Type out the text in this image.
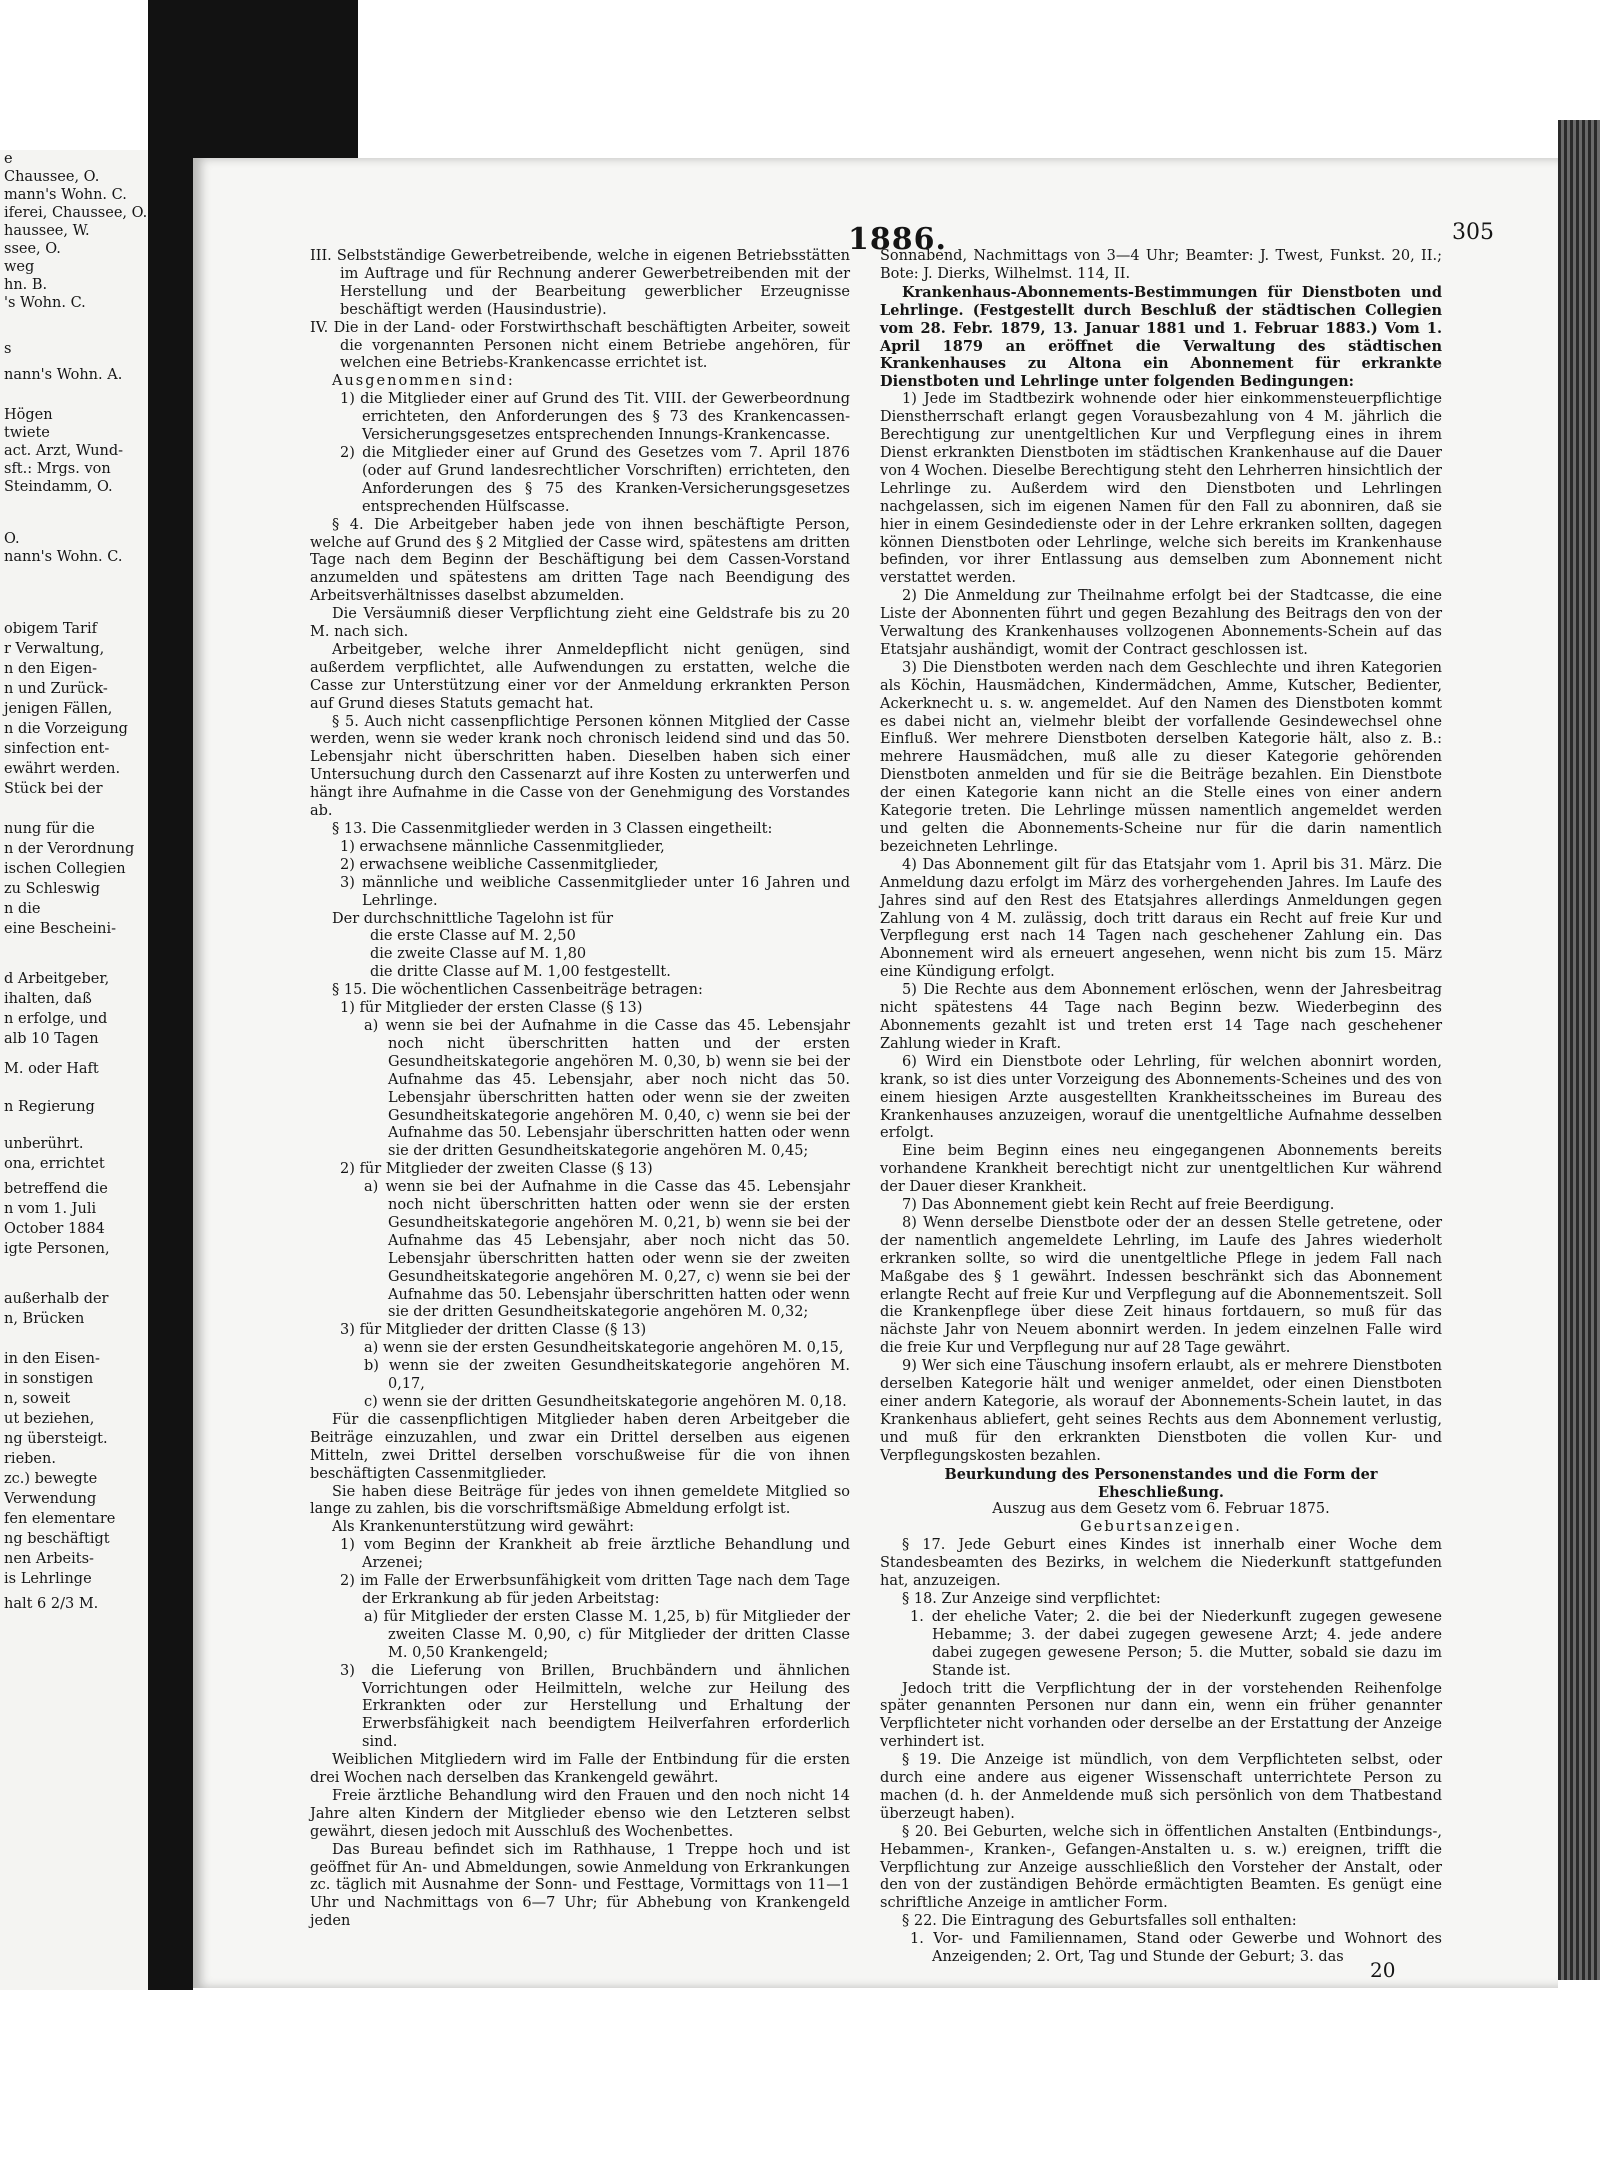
e
Chaussee, O.
mann's Wohn. C.
iferei, Chaussee, O.
haussee, W.
ssee, O.
weg
hn. B.
's Wohn. C.
s
nann's Wohn. A.
Högen
twiete
act. Arzt, Wund-
sft.: Mrgs. von
Steindamm, O.
O.
nann's Wohn. C.
obigem Tarif
r Verwaltung,
n den Eigen-
n und Zurück-
jenigen Fällen,
n die Vorzeigung
sinfection ent-
ewährt werden.
Stück bei der
nung für die
n der Verordnung
ischen Collegien
zu Schleswig
n die
eine Bescheini-
d Arbeitgeber,
ihalten, daß
n erfolge, und
alb 10 Tagen
M. oder Haft
n Regierung
unberührt.
ona, errichtet
betreffend die
n vom 1. Juli
October 1884
igte Personen,
außerhalb der
n, Brücken
in den Eisen-
in sonstigen
n, soweit
ut beziehen,
ng übersteigt.
rieben.
zc.) bewegte
Verwendung
fen elementare
ng beschäftigt
nen Arbeits-
is Lehrlinge
halt 6 2/3 M.
1886.	305

III. Selbstständige Gewerbetreibende, welche in eigenen Betriebsstätten im Auftrage und für Rechnung anderer Gewerbetreibenden mit der Herstellung und der Bearbeitung gewerblicher Erzeugnisse beschäftigt werden (Hausindustrie).

IV. Die in der Land- oder Forstwirthschaft beschäftigten Arbeiter, soweit die vorgenannten Personen nicht einem Betriebe angehören, für welchen eine Betriebs-Krankencasse errichtet ist.

Ausgenommen sind:

1) die Mitglieder einer auf Grund des Tit. VIII. der Gewerbeordnung errichteten, den Anforderungen des § 73 des Krankencassen-Versicherungsgesetzes entsprechenden Innungs-Krankencasse.

2) die Mitglieder einer auf Grund des Gesetzes vom 7. April 1876 (oder auf Grund landesrechtlicher Vorschriften) errichteten, den Anforderungen des § 75 des Kranken-Versicherungsgesetzes entsprechenden Hülfscasse.

§ 4. Die Arbeitgeber haben jede von ihnen beschäftigte Person, welche auf Grund des § 2 Mitglied der Casse wird, spätestens am dritten Tage nach dem Beginn der Beschäftigung bei dem Cassen-Vorstand anzumelden und spätestens am dritten Tage nach Beendigung des Arbeitsverhältnisses daselbst abzumelden.

Die Versäumniß dieser Verpflichtung zieht eine Geldstrafe bis zu 20 M. nach sich.

Arbeitgeber, welche ihrer Anmeldepflicht nicht genügen, sind außerdem verpflichtet, alle Aufwendungen zu erstatten, welche die Casse zur Unterstützung einer vor der Anmeldung erkrankten Person auf Grund dieses Statuts gemacht hat.

§ 5. Auch nicht cassenpflichtige Personen können Mitglied der Casse werden, wenn sie weder krank noch chronisch leidend sind und das 50. Lebensjahr nicht überschritten haben. Dieselben haben sich einer Untersuchung durch den Cassenarzt auf ihre Kosten zu unterwerfen und hängt ihre Aufnahme in die Casse von der Genehmigung des Vorstandes ab.

§ 13. Die Cassenmitglieder werden in 3 Classen eingetheilt:

1) erwachsene männliche Cassenmitglieder,

2) erwachsene weibliche Cassenmitglieder,

3) männliche und weibliche Cassenmitglieder unter 16 Jahren und Lehrlinge.

Der durchschnittliche Tagelohn ist für

die erste Classe auf M. 2,50

die zweite Classe auf M. 1,80

die dritte Classe auf M. 1,00 festgestellt.

§ 15. Die wöchentlichen Cassenbeiträge betragen:

1) für Mitglieder der ersten Classe (§ 13)

a) wenn sie bei der Aufnahme in die Casse das 45. Lebensjahr noch nicht überschritten hatten und der ersten Gesundheitskategorie angehören M. 0,30, b) wenn sie bei der Aufnahme das 45. Lebensjahr, aber noch nicht das 50. Lebensjahr überschritten hatten oder wenn sie der zweiten Gesundheitskategorie angehören M. 0,40, c) wenn sie bei der Aufnahme das 50. Lebensjahr überschritten hatten oder wenn sie der dritten Gesundheitskategorie angehören M. 0,45;

2) für Mitglieder der zweiten Classe (§ 13)

a) wenn sie bei der Aufnahme in die Casse das 45. Lebensjahr noch nicht überschritten hatten oder wenn sie der ersten Gesundheitskategorie angehören M. 0,21, b) wenn sie bei der Aufnahme das 45 Lebensjahr, aber noch nicht das 50. Lebensjahr überschritten hatten oder wenn sie der zweiten Gesundheitskategorie angehören M. 0,27, c) wenn sie bei der Aufnahme das 50. Lebensjahr überschritten hatten oder wenn sie der dritten Gesundheitskategorie angehören M. 0,32;

3) für Mitglieder der dritten Classe (§ 13)

a) wenn sie der ersten Gesundheitskategorie angehören M. 0,15,

b) wenn sie der zweiten Gesundheitskategorie angehören M. 0,17,

c) wenn sie der dritten Gesundheitskategorie angehören M. 0,18.

Für die cassenpflichtigen Mitglieder haben deren Arbeitgeber die Beiträge einzuzahlen, und zwar ein Drittel derselben aus eigenen Mitteln, zwei Drittel derselben vorschußweise für die von ihnen beschäftigten Cassenmitglieder.

Sie haben diese Beiträge für jedes von ihnen gemeldete Mitglied so lange zu zahlen, bis die vorschriftsmäßige Abmeldung erfolgt ist.

Als Krankenunterstützung wird gewährt:

1) vom Beginn der Krankheit ab freie ärztliche Behandlung und Arzenei;

2) im Falle der Erwerbsunfähigkeit vom dritten Tage nach dem Tage der Erkrankung ab für jeden Arbeitstag:

a) für Mitglieder der ersten Classe M. 1,25, b) für Mitglieder der zweiten Classe M. 0,90, c) für Mitglieder der dritten Classe M. 0,50 Krankengeld;

3) die Lieferung von Brillen, Bruchbändern und ähnlichen Vorrichtungen oder Heilmitteln, welche zur Heilung des Erkrankten oder zur Herstellung und Erhaltung der Erwerbsfähigkeit nach beendigtem Heilverfahren erforderlich sind.

Weiblichen Mitgliedern wird im Falle der Entbindung für die ersten drei Wochen nach derselben das Krankengeld gewährt.

Freie ärztliche Behandlung wird den Frauen und den noch nicht 14 Jahre alten Kindern der Mitglieder ebenso wie den Letzteren selbst gewährt, diesen jedoch mit Ausschluß des Wochenbettes.

Das Bureau befindet sich im Rathhause, 1 Treppe hoch und ist geöffnet für An- und Abmeldungen, sowie Anmeldung von Erkrankungen zc. täglich mit Ausnahme der Sonn- und Festtage, Vormittags von 11—1 Uhr und Nachmittags von 6—7 Uhr; für Abhebung von Krankengeld jeden

Sonnabend, Nachmittags von 3—4 Uhr; Beamter: J. Twest, Funkst. 20, II.; Bote: J. Dierks, Wilhelmst. 114, II.

Krankenhaus-Abonnements-Bestimmungen für Dienstboten und Lehrlinge. (Festgestellt durch Beschluß der städtischen Collegien vom 28. Febr. 1879, 13. Januar 1881 und 1. Februar 1883.) Vom 1. April 1879 an eröffnet die Verwaltung des städtischen Krankenhauses zu Altona ein Abonnement für erkrankte Dienstboten und Lehrlinge unter folgenden Bedingungen:

1) Jede im Stadtbezirk wohnende oder hier einkommensteuerpflichtige Dienstherrschaft erlangt gegen Vorausbezahlung von 4 M. jährlich die Berechtigung zur unentgeltlichen Kur und Verpflegung eines in ihrem Dienst erkrankten Dienstboten im städtischen Krankenhause auf die Dauer von 4 Wochen. Dieselbe Berechtigung steht den Lehrherren hinsichtlich der Lehrlinge zu. Außerdem wird den Dienstboten und Lehrlingen nachgelassen, sich im eigenen Namen für den Fall zu abonniren, daß sie hier in einem Gesindedienste oder in der Lehre erkranken sollten, dagegen können Dienstboten oder Lehrlinge, welche sich bereits im Krankenhause befinden, vor ihrer Entlassung aus demselben zum Abonnement nicht verstattet werden.

2) Die Anmeldung zur Theilnahme erfolgt bei der Stadtcasse, die eine Liste der Abonnenten führt und gegen Bezahlung des Beitrags den von der Verwaltung des Krankenhauses vollzogenen Abonnements-Schein auf das Etatsjahr aushändigt, womit der Contract geschlossen ist.

3) Die Dienstboten werden nach dem Geschlechte und ihren Kategorien als Köchin, Hausmädchen, Kindermädchen, Amme, Kutscher, Bedienter, Ackerknecht u. s. w. angemeldet. Auf den Namen des Dienstboten kommt es dabei nicht an, vielmehr bleibt der vorfallende Gesindewechsel ohne Einfluß. Wer mehrere Dienstboten derselben Kategorie hält, also z. B.: mehrere Hausmädchen, muß alle zu dieser Kategorie gehörenden Dienstboten anmelden und für sie die Beiträge bezahlen. Ein Dienstbote der einen Kategorie kann nicht an die Stelle eines von einer andern Kategorie treten. Die Lehrlinge müssen namentlich angemeldet werden und gelten die Abonnements-Scheine nur für die darin namentlich bezeichneten Lehrlinge.

4) Das Abonnement gilt für das Etatsjahr vom 1. April bis 31. März. Die Anmeldung dazu erfolgt im März des vorhergehenden Jahres. Im Laufe des Jahres sind auf den Rest des Etatsjahres allerdings Anmeldungen gegen Zahlung von 4 M. zulässig, doch tritt daraus ein Recht auf freie Kur und Verpflegung erst nach 14 Tagen nach geschehener Zahlung ein. Das Abonnement wird als erneuert angesehen, wenn nicht bis zum 15. März eine Kündigung erfolgt.

5) Die Rechte aus dem Abonnement erlöschen, wenn der Jahresbeitrag nicht spätestens 44 Tage nach Beginn bezw. Wiederbeginn des Abonnements gezahlt ist und treten erst 14 Tage nach geschehener Zahlung wieder in Kraft.

6) Wird ein Dienstbote oder Lehrling, für welchen abonnirt worden, krank, so ist dies unter Vorzeigung des Abonnements-Scheines und des von einem hiesigen Arzte ausgestellten Krankheitsscheines im Bureau des Krankenhauses anzuzeigen, worauf die unentgeltliche Aufnahme desselben erfolgt.

Eine beim Beginn eines neu eingegangenen Abonnements bereits vorhandene Krankheit berechtigt nicht zur unentgeltlichen Kur während der Dauer dieser Krankheit.

7) Das Abonnement giebt kein Recht auf freie Beerdigung.

8) Wenn derselbe Dienstbote oder der an dessen Stelle getretene, oder der namentlich angemeldete Lehrling, im Laufe des Jahres wiederholt erkranken sollte, so wird die unentgeltliche Pflege in jedem Fall nach Maßgabe des § 1 gewährt. Indessen beschränkt sich das Abonnement erlangte Recht auf freie Kur und Verpflegung auf die Abonnementszeit. Soll die Krankenpflege über diese Zeit hinaus fortdauern, so muß für das nächste Jahr von Neuem abonnirt werden. In jedem einzelnen Falle wird die freie Kur und Verpflegung nur auf 28 Tage gewährt.

9) Wer sich eine Täuschung insofern erlaubt, als er mehrere Dienstboten derselben Kategorie hält und weniger anmeldet, oder einen Dienstboten einer andern Kategorie, als worauf der Abonnements-Schein lautet, in das Krankenhaus abliefert, geht seines Rechts aus dem Abonnement verlustig, und muß für den erkrankten Dienstboten die vollen Kur- und Verpflegungskosten bezahlen.

Beurkundung des Personenstandes und die Form der Eheschließung.

Auszug aus dem Gesetz vom 6. Februar 1875.

Geburtsanzeigen.

§ 17. Jede Geburt eines Kindes ist innerhalb einer Woche dem Standesbeamten des Bezirks, in welchem die Niederkunft stattgefunden hat, anzuzeigen.

§ 18. Zur Anzeige sind verpflichtet:

1. der eheliche Vater; 2. die bei der Niederkunft zugegen gewesene Hebamme; 3. der dabei zugegen gewesene Arzt; 4. jede andere dabei zugegen gewesene Person; 5. die Mutter, sobald sie dazu im Stande ist.

Jedoch tritt die Verpflichtung der in der vorstehenden Reihenfolge später genannten Personen nur dann ein, wenn ein früher genannter Verpflichteter nicht vorhanden oder derselbe an der Erstattung der Anzeige verhindert ist.

§ 19. Die Anzeige ist mündlich, von dem Verpflichteten selbst, oder durch eine andere aus eigener Wissenschaft unterrichtete Person zu machen (d. h. der Anmeldende muß sich persönlich von dem Thatbestand überzeugt haben).

§ 20. Bei Geburten, welche sich in öffentlichen Anstalten (Entbindungs-, Hebammen-, Kranken-, Gefangen-Anstalten u. s. w.) ereignen, trifft die Verpflichtung zur Anzeige ausschließlich den Vorsteher der Anstalt, oder den von der zuständigen Behörde ermächtigten Beamten. Es genügt eine schriftliche Anzeige in amtlicher Form.

§ 22. Die Eintragung des Geburtsfalles soll enthalten:

1. Vor- und Familiennamen, Stand oder Gewerbe und Wohnort des Anzeigenden; 2. Ort, Tag und Stunde der Geburt; 3. das

20
